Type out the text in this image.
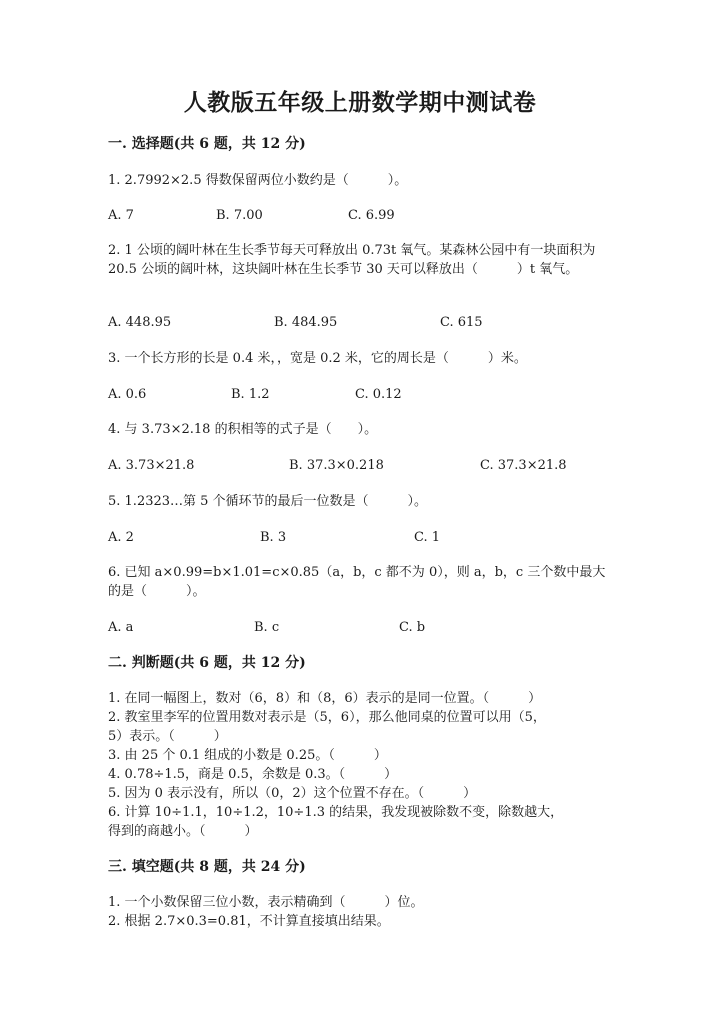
人教版五年级上册数学期中测试卷
一. 选择题(共 6 题，共 12 分)
1. 2.7992×2.5 得数保留两位小数约是（　　　）。
A. 7	B. 7.00	C. 6.99
2. 1 公顷的阔叶林在生长季节每天可释放出 0.73t 氧气。某森林公园中有一块面积为 20.5 公顷的阔叶林，这块阔叶林在生长季节 30 天可以释放出（　　　）t 氧气。
A. 448.95	B. 484.95	C. 615
3. 一个长方形的长是 0.4 米，，宽是 0.2 米，它的周长是（　　　）米。
A. 0.6	B. 1.2	C. 0.12
4. 与 3.73×2.18 的积相等的式子是（　　）。
A. 3.73×21.8	B. 37.3×0.218	C. 37.3×21.8
5. 1.2323…第 5 个循环节的最后一位数是（　　　）。
A. 2	B. 3	C. 1
6. 已知 a×0.99=b×1.01=c×0.85（a，b，c 都不为 0），则 a，b，c 三个数中最大的是（　　　）。
A. a	B. c	C. b
二. 判断题(共 6 题，共 12 分)
1. 在同一幅图上，数对（6，8）和（8，6）表示的是同一位置。（　　　）
2. 教室里李军的位置用数对表示是（5，6），那么他同桌的位置可以用（5，
5）表示。（　　　）
3. 由 25 个 0.1 组成的小数是 0.25。（　　　）
4. 0.78÷1.5，商是 0.5，余数是 0.3。（　　　）
5. 因为 0 表示没有，所以（0，2）这个位置不存在。（　　　）
6. 计算 10÷1.1，10÷1.2，10÷1.3 的结果，我发现被除数不变，除数越大，
得到的商越小。（　　　）
三. 填空题(共 8 题，共 24 分)
1. 一个小数保留三位小数，表示精确到（　　　）位。
2. 根据 2.7×0.3=0.81，不计算直接填出结果。
